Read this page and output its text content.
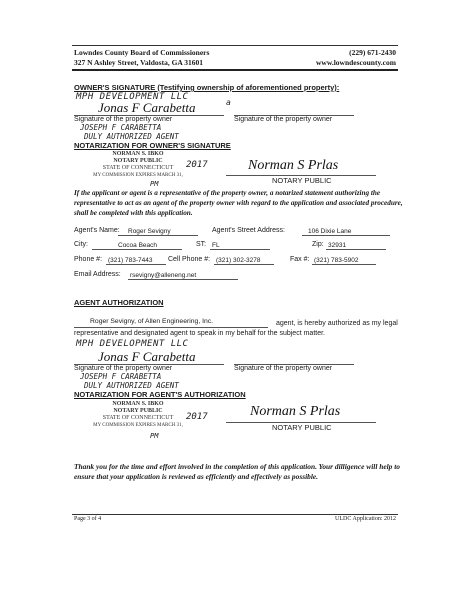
Lowndes County Board of Commissioners
327 N Ashley Street, Valdosta, GA 31601
(229) 671-2430
www.lowndescounty.com
OWNER'S SIGNATURE (Testifying ownership of aforementioned property):
MPH DEVELOPMENT LLC
Jonas F Carabetta	a
Signature of the property owner	Signature of the property owner
JOSEPH F CARABETTA
DULY AUTHORIZED AGENT
NOTARIZATION FOR OWNER'S SIGNATURE
NORMAN S. IBKO
NOTARY PUBLIC
STATE OF CONNECTICUT
MY COMMISSION EXPIRES MARCH 31,
2017
PM
Norman S Prlas
NOTARY PUBLIC
If the applicant or agent is a representative of the property owner, a notarized statement authorizing the representative to act as an agent of the property owner with regard to the application and associated procedure, shall be completed with this application.
Agent's Name: Roger Sevigny	Agent's Street Address:	106 Dixie Lane
City:	Cocoa Beach	ST: FL	Zip: 32931
Phone #: (321) 783-7443 Cell Phone #: (321) 302-3278	Fax #: (321) 783-5902
Email Address: rsevigny@alleneng.net
AGENT AUTHORIZATION
Roger Sevigny, of Allen Engineering, Inc.	agent, is hereby authorized as my legal
representative and designated agent to speak in my behalf for the subject matter.
MPH DEVELOPMENT LLC
Jonas F Carabetta
Signature of the property owner	Signature of the property owner
JOSEPH F CARABETTA
DULY AUTHORIZED AGENT
NOTARIZATION FOR AGENT'S AUTHORIZATION
NORMAN S. IBKO
NOTARY PUBLIC
STATE OF CONNECTICUT
MY COMMISSION EXPIRES MARCH 31,
2017
PM
Norman S Prlas
NOTARY PUBLIC
Thank you for the time and effort involved in the completion of this application. Your dilligence will help to ensure that your application is reviewed as efficiently and effectively as possible.
Page 3 of 4	ULDC Application: 2012
